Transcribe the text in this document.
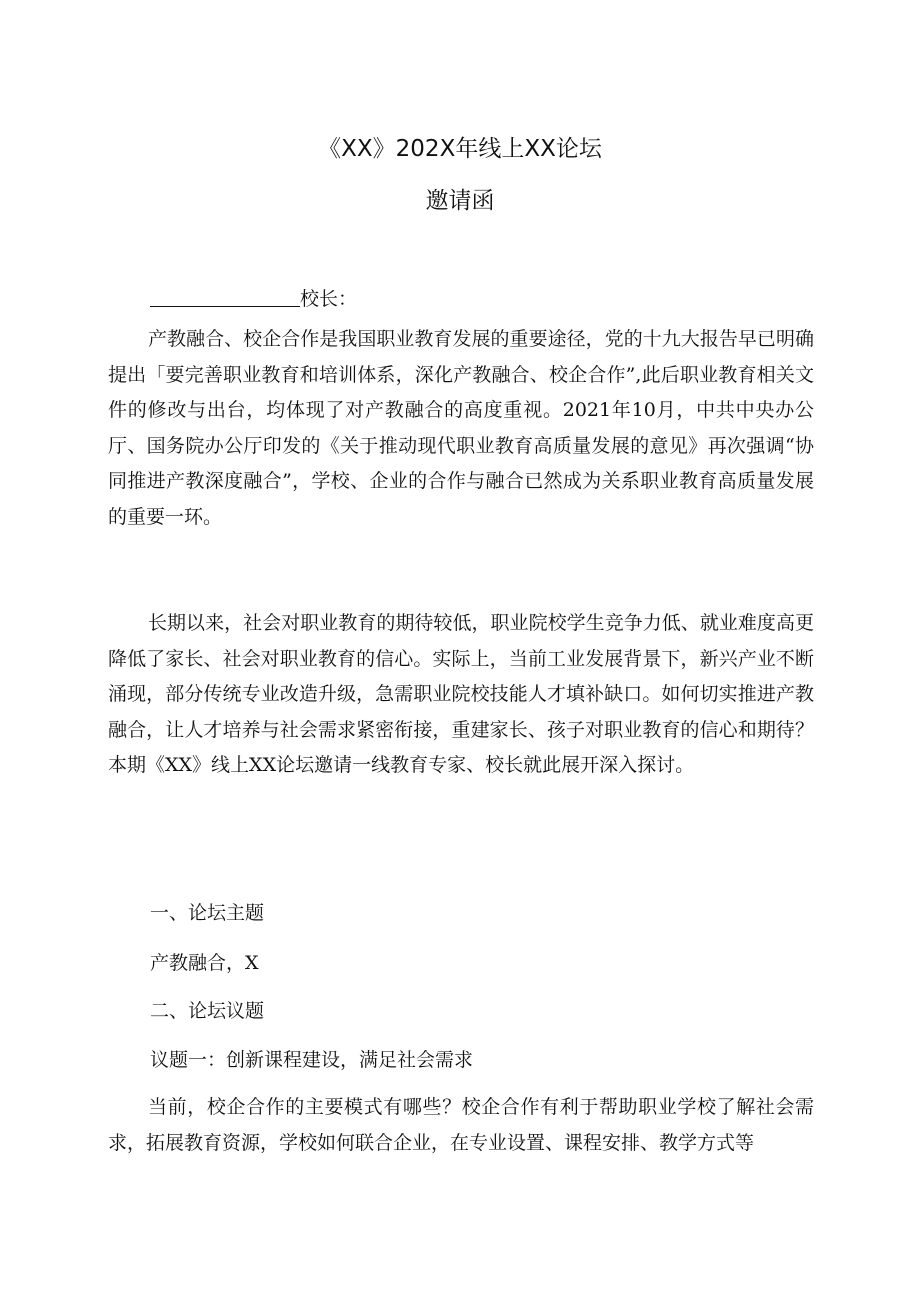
《XX》202X年线上XX论坛
邀请函
校长：

产教融合、校企合作是我国职业教育发展的重要途径，党的十九大报告早已明确提出「要完善职业教育和培训体系，深化产教融合、校企合作”,此后职业教育相关文件的修改与出台，均体现了对产教融合的高度重视。2021年10月，中共中央办公厅、国务院办公厅印发的《关于推动现代职业教育高质量发展的意见》再次强调“协同推进产教深度融合”，学校、企业的合作与融合已然成为关系职业教育高质量发展的重要一环。

长期以来，社会对职业教育的期待较低，职业院校学生竞争力低、就业难度高更降低了家长、社会对职业教育的信心。实际上，当前工业发展背景下，新兴产业不断涌现，部分传统专业改造升级，急需职业院校技能人才填补缺口。如何切实推进产教融合，让人才培养与社会需求紧密衔接，重建家长、孩子对职业教育的信心和期待？本期《XX》线上XX论坛邀请一线教育专家、校长就此展开深入探讨。

一、论坛主题

产教融合，X

二、论坛议题

议题一：创新课程建设，满足社会需求

当前，校企合作的主要模式有哪些？校企合作有利于帮助职业学校了解社会需求，拓展教育资源，学校如何联合企业，在专业设置、课程安排、教学方式等
